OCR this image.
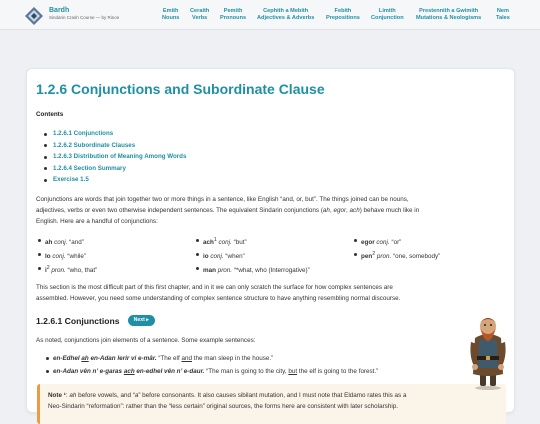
Bardh
Sindarin Crash Course — by Rinon
Emith
Nouns
Ceraith
Verbs
Pemith
Pronouns
Cephith a Mebith
Adjectives & Adverbs
Febith
Prepositions
Limith
Conjunction
Prestennith a Gwimith
Mutations & Neologisms
Nem
Tales
1.2.6 Conjunctions and Subordinate Clause
Contents
1.2.6.1 Conjunctions
1.2.6.2 Subordinate Clauses
1.2.6.3 Distribution of Meaning Among Words
1.2.6.4 Section Summary
Exercise 1.5
Conjunctions are words that join together two or more things in a sentence, like English “and, or, but”. The things joined can be nouns,
adjectives, verbs or even two otherwise independent sentences. The equivalent Sindarin conjunctions (ah, egor, ach) behave much like in
English. Here are a handful of conjunctions:
ah conj. “and”	ach$^1$ conj. “but”	egor conj. “or”
lo conj. “while”	io conj. “when”	pen$^2$ pron. “one, somebody”
$i^2$ pron. “who, that”	man pron. “*what, who (Interrogative)”
This section is the most difficult part of this first chapter, and in it we can only scratch the surface for how complex sentences are
assembled. However, you need some understanding of complex sentence structure to have anything resembling normal discourse.
1.2.6.1 Conjunctions	Next ▸
As noted, conjunctions join elements of a sentence. Some example sentences:
en-Edhel ah en-Adan lerir vi e-mâr. “The elf and the man sleep in the house.”
en-Adan vên n’ e-garas ach en-edhel vên n’ e-daur. “The man is going to the city, but the elf is going to the forest.”
Note ¹: ah before vowels, and “a” before consonants. It also causes sibilant mutation, and I must note that Eldamo rates this as a
Neo-Sindarin “reformation”: rather than the “less certain” original sources, the forms here are consistent with later scholarship.
